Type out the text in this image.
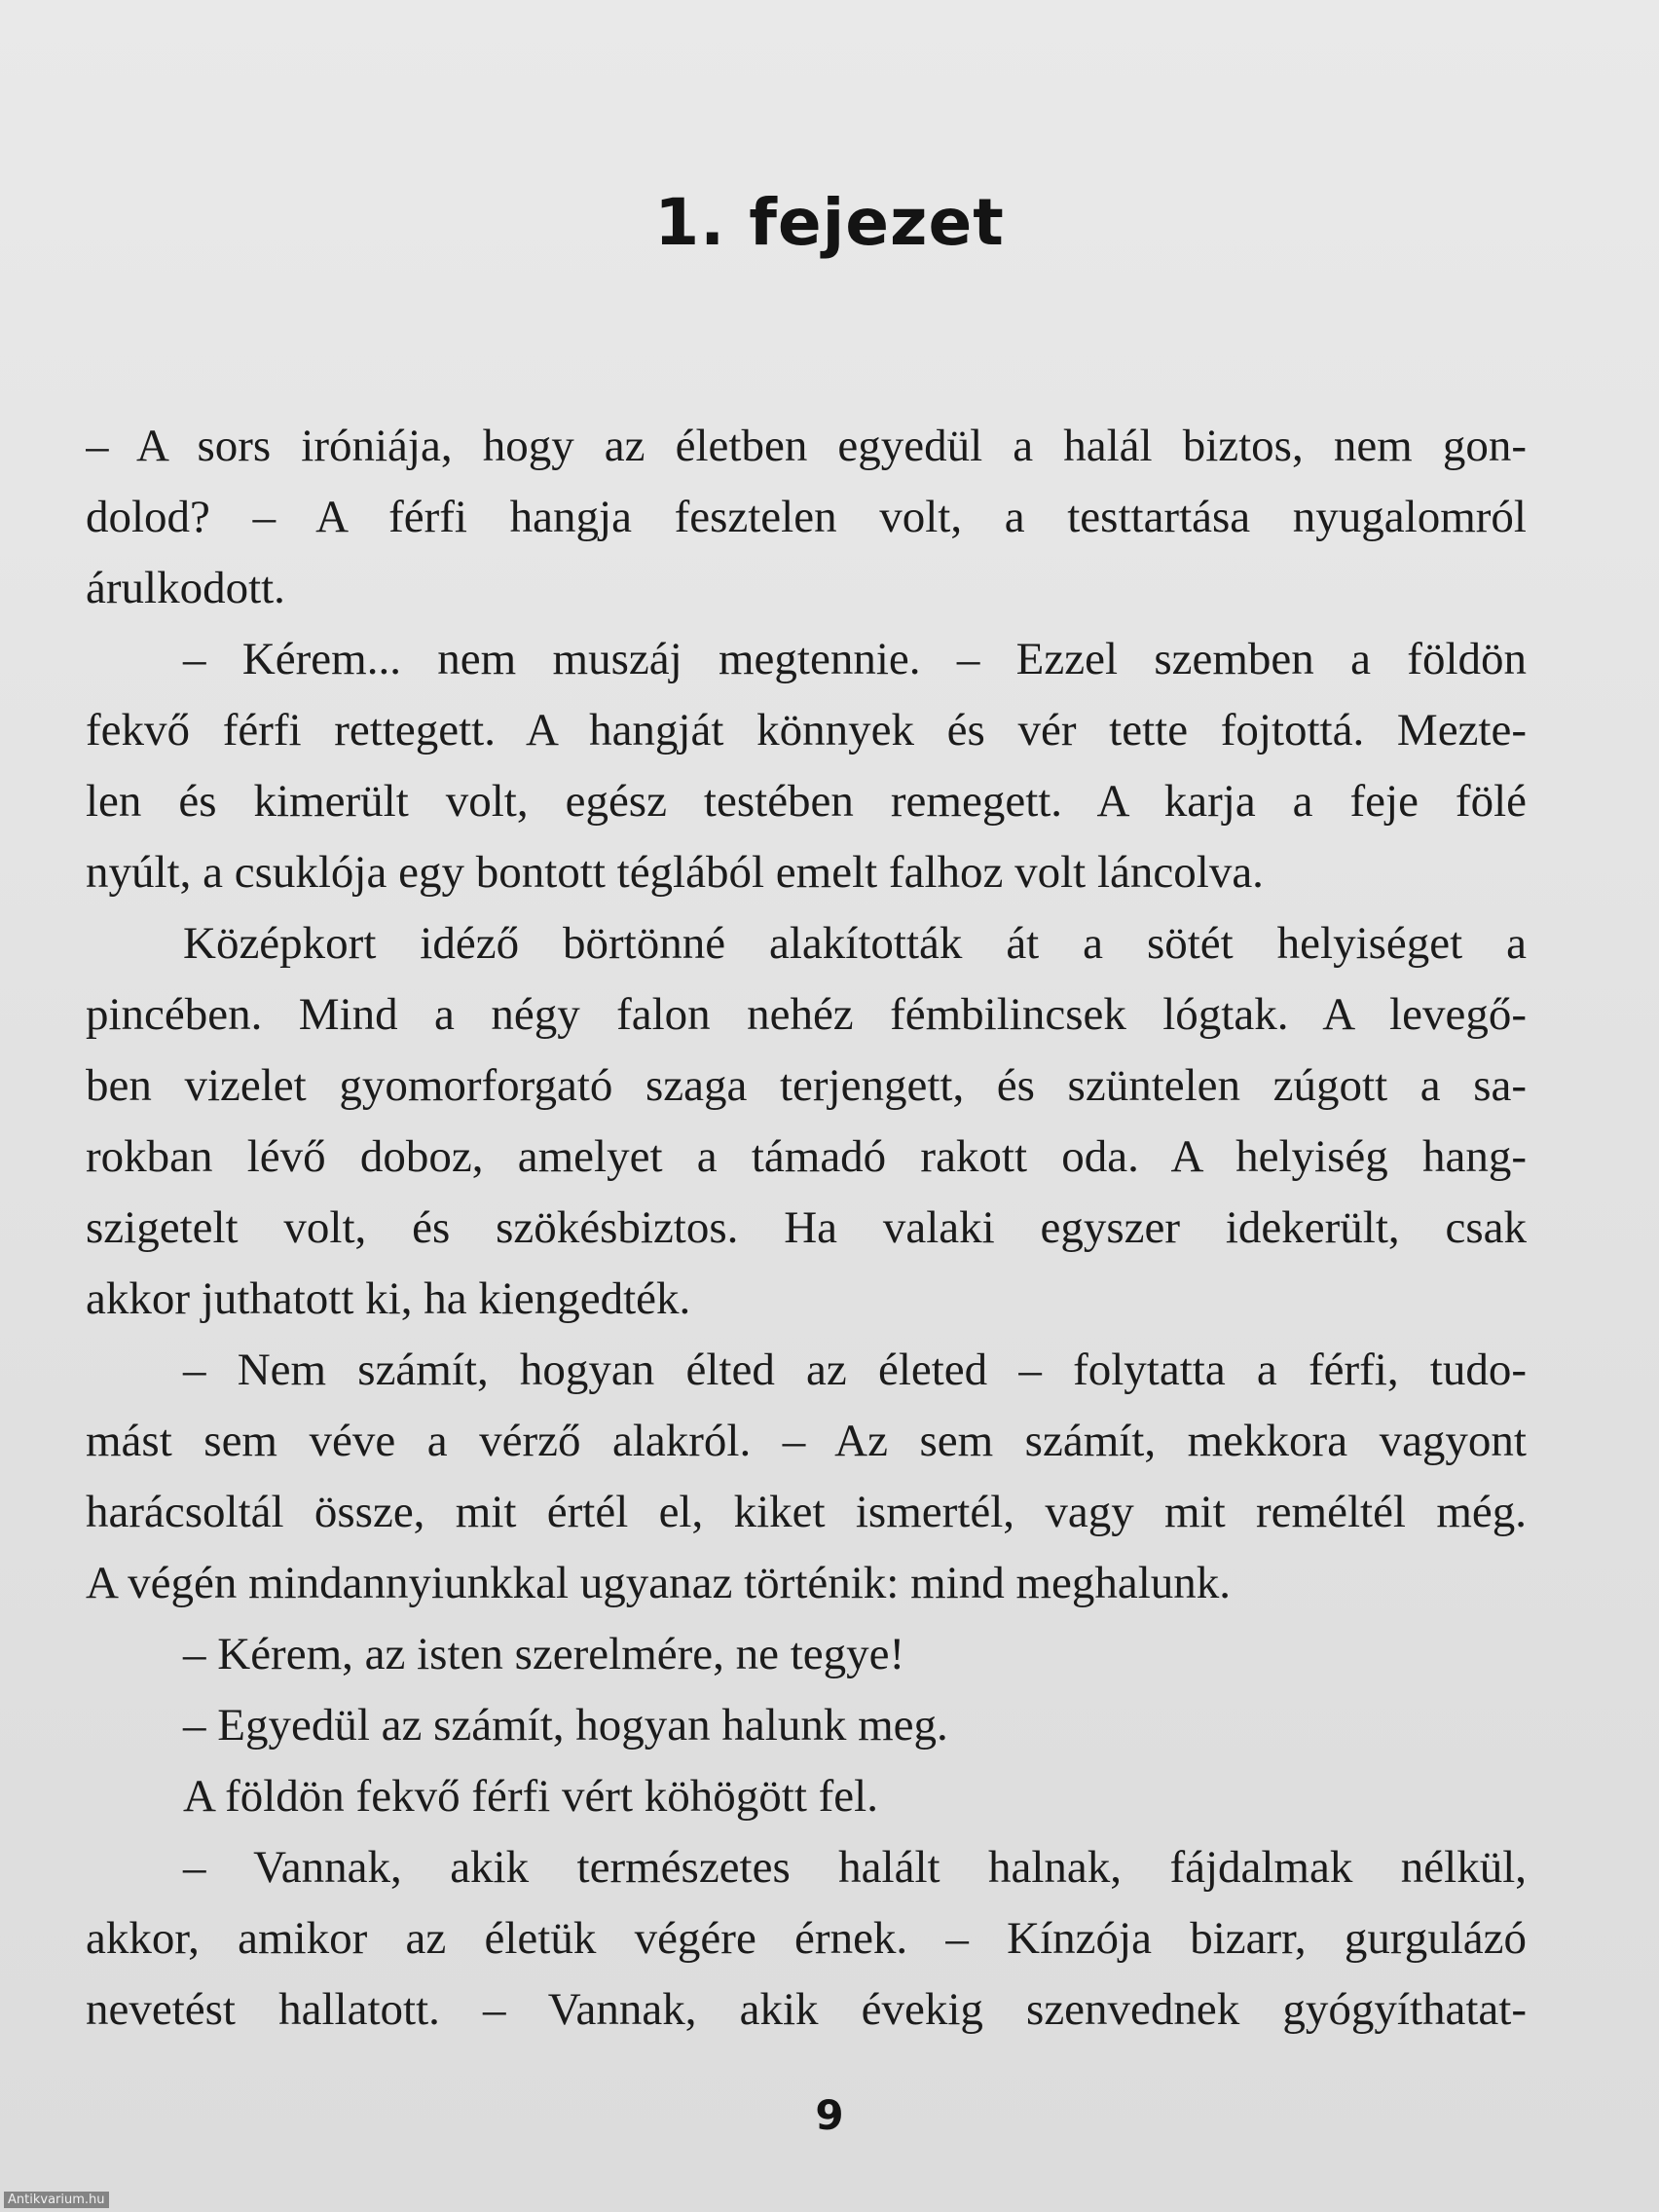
1. fejezet
– A sors iróniája, hogy az életben egyedül a halál biztos, nem gon-
dolod? – A férfi hangja fesztelen volt, a testtartása nyugalomról
árulkodott.
– Kérem... nem muszáj megtennie. – Ezzel szemben a földön
fekvő férfi rettegett. A hangját könnyek és vér tette fojtottá. Mezte-
len és kimerült volt, egész testében remegett. A karja a feje fölé
nyúlt, a csuklója egy bontott téglából emelt falhoz volt láncolva.
Középkort idéző börtönné alakították át a sötét helyiséget a
pincében. Mind a négy falon nehéz fémbilincsek lógtak. A levegő-
ben vizelet gyomorforgató szaga terjengett, és szüntelen zúgott a sa-
rokban lévő doboz, amelyet a támadó rakott oda. A helyiség hang-
szigetelt volt, és szökésbiztos. Ha valaki egyszer idekerült, csak
akkor juthatott ki, ha kiengedték.
– Nem számít, hogyan élted az életed – folytatta a férfi, tudo-
mást sem véve a vérző alakról. – Az sem számít, mekkora vagyont
harácsoltál össze, mit értél el, kiket ismertél, vagy mit reméltél még.
A végén mindannyiunkkal ugyanaz történik: mind meghalunk.
– Kérem, az isten szerelmére, ne tegye!
– Egyedül az számít, hogyan halunk meg.
A földön fekvő férfi vért köhögött fel.
– Vannak, akik természetes halált halnak, fájdalmak nélkül,
akkor, amikor az életük végére érnek. – Kínzója bizarr, gurgulázó
nevetést hallatott. – Vannak, akik évekig szenvednek gyógyíthatat-
9
Antikvarium.hu
